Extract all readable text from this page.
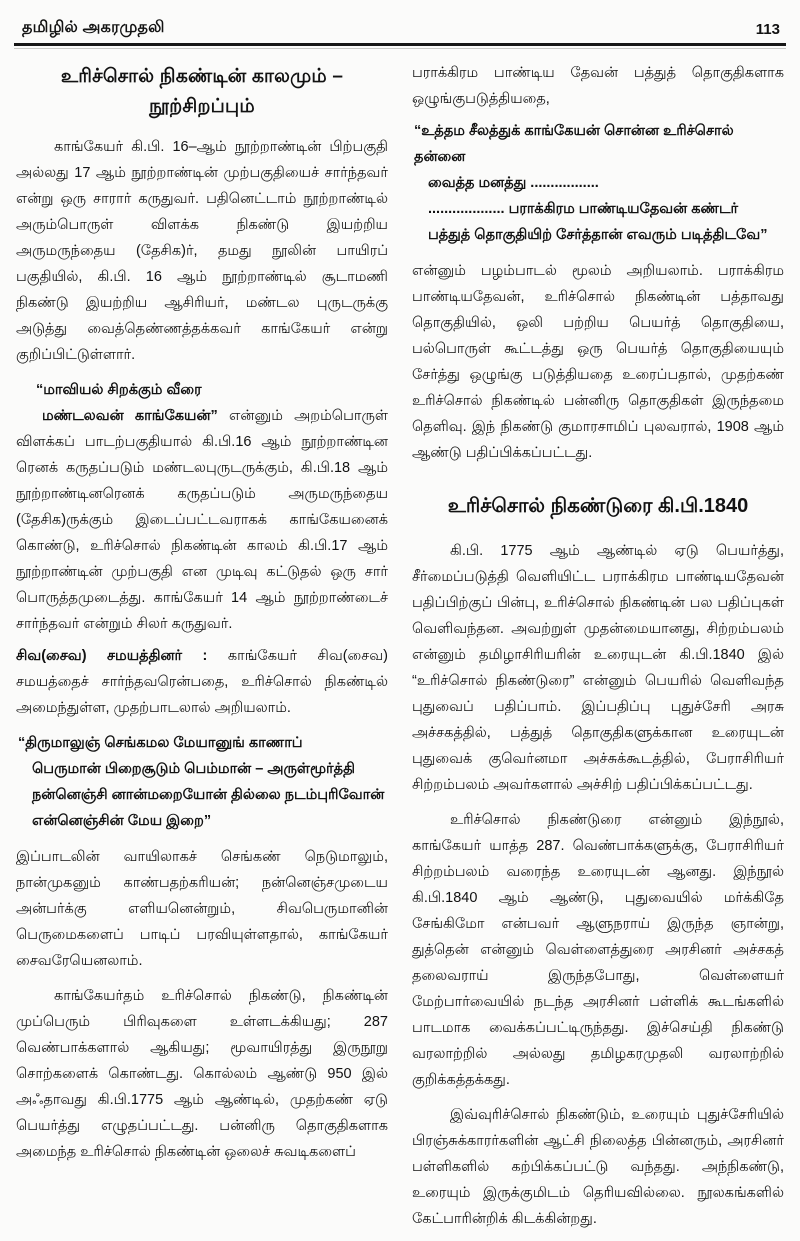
தமிழில் அகரமுதலி	113
உரிச்சொல் நிகண்டின் காலமும் –
நூற்சிறப்பும்

காங்கேயர் கி.பி. 16–ஆம் நூற்றாண்டின் பிற்பகுதி அல்லது 17 ஆம் நூற்றாண்டின் முற்பகுதியைச் சார்ந்தவர் என்று ஒரு சாரார் கருதுவர். பதினெட்டாம் நூற்றாண்டில் அரும்பொருள் விளக்க நிகண்டு இயற்றிய அருமருந்தைய (தேசிக)ர், தமது நூலின் பாயிரப் பகுதியில், கி.பி. 16 ஆம் நூற்றாண்டில் சூடாமணி நிகண்டு இயற்றிய ஆசிரியர், மண்டல புருடருக்கு அடுத்து வைத்தெண்ணத்தக்கவர் காங்கேயர் என்று குறிப்பிட்டுள்ளார்.

“மாவியல் சிறக்கும் வீரை
மண்டலவன் காங்கேயன்” என்னும் அறம்பொருள் விளக்கப் பாடற்பகுதியால் கி.பி.16 ஆம் நூற்றாண்டின ரெனக் கருதப்படும் மண்டலபுருடருக்கும், கி.பி.18 ஆம் நூற்றாண்டினரெனக் கருதப்படும் அருமருந்தைய (தேசிக)ருக்கும் இடைப்பட்டவராகக் காங்கேயனைக் கொண்டு, உரிச்சொல் நிகண்டின் காலம் கி.பி.17 ஆம் நூற்றாண்டின் முற்பகுதி என முடிவு கட்டுதல் ஒரு சார் பொருத்தமுடைத்து. காங்கேயர் 14 ஆம் நூற்றாண்டைச் சார்ந்தவர் என்றும் சிலர் கருதுவர்.

சிவ(சைவ) சமயத்தினர் : காங்கேயர் சிவ(சைவ) சமயத்தைச் சார்ந்தவரென்பதை, உரிச்சொல் நிகண்டில் அமைந்துள்ள, முதற்பாடலால் அறியலாம்.

“திருமாலுஞ் செங்கமல மேயானுங் காணாப்
பெருமான் பிறைசூடும் பெம்மான் – அருள்மூர்த்தி
நன்னெஞ்சி னான்மறையோன் தில்லை நடம்புரிவோன்
என்னெஞ்சின் மேய இறை”

இப்பாடலின் வாயிலாகச் செங்கண் நெடுமாலும், நான்முகனும் காண்பதற்கரியன்; நன்னெஞ்சமுடைய அன்பர்க்கு எளியனென்றும், சிவபெருமானின் பெருமைகளைப் பாடிப் பரவியுள்ளதால், காங்கேயர் சைவரேயெனலாம்.

காங்கேயர்தம் உரிச்சொல் நிகண்டு, நிகண்டின் முப்பெரும் பிரிவுகளை உள்ளடக்கியது; 287 வெண்பாக்களால் ஆகியது; மூவாயிரத்து இருநூறு சொற்களைக் கொண்டது. கொல்லம் ஆண்டு 950 இல் அஃதாவது கி.பி.1775 ஆம் ஆண்டில், முதற்கண் ஏடு பெயர்த்து எழுதப்பட்டது. பன்னிரு தொகுதிகளாக அமைந்த உரிச்சொல் நிகண்டின் ஒலைச் சுவடிகளைப்

பராக்கிரம பாண்டிய தேவன் பத்துத் தொகுதிகளாக ஒழுங்குபடுத்தியதை,

“உத்தம சீலத்துக் காங்கேயன் சொன்ன உரிச்சொல் தன்னை
வைத்த மனத்து .................
................... பராக்கிரம பாண்டியதேவன் கண்டர்
பத்துத் தொகுதியிற் சேர்த்தான் எவரும் படித்திடவே”

என்னும் பழம்பாடல் மூலம் அறியலாம். பராக்கிரம பாண்டியதேவன், உரிச்சொல் நிகண்டின் பத்தாவது தொகுதியில், ஒலி பற்றிய பெயர்த் தொகுதியை, பல்பொருள் கூட்டத்து ஒரு பெயர்த் தொகுதியையும் சேர்த்து ஒழுங்கு படுத்தியதை உரைப்பதால், முதற்கண் உரிச்சொல் நிகண்டில் பன்னிரு தொகுதிகள் இருந்தமை தெளிவு. இந் நிகண்டு குமாரசாமிப் புலவரால், 1908 ஆம் ஆண்டு பதிப்பிக்கப்பட்டது.

உரிச்சொல் நிகண்டுரை கி.பி.1840

கி.பி. 1775 ஆம் ஆண்டில் ஏடு பெயர்த்து, சீர்மைப்படுத்தி வெளியிட்ட பராக்கிரம பாண்டியதேவன் பதிப்பிற்குப் பின்பு, உரிச்சொல் நிகண்டின் பல பதிப்புகள் வெளிவந்தன. அவற்றுள் முதன்மையானது, சிற்றம்பலம் என்னும் தமிழாசிரியரின் உரையுடன் கி.பி.1840 இல் “உரிச்சொல் நிகண்டுரை” என்னும் பெயரில் வெளிவந்த புதுவைப் பதிப்பாம். இப்பதிப்பு புதுச்சேரி அரசு அச்சகத்தில், பத்துத் தொகுதிகளுக்கான உரையுடன் புதுவைக் குவெர்னமா அச்சுக்கூடத்தில், பேராசிரியர் சிற்றம்பலம் அவர்களால் அச்சிற் பதிப்பிக்கப்பட்டது.

உரிச்சொல் நிகண்டுரை என்னும் இந்நூல், காங்கேயர் யாத்த 287. வெண்பாக்களுக்கு, பேராசிரியர் சிற்றம்பலம் வரைந்த உரையுடன் ஆனது. இந்நூல் கி.பி.1840 ஆம் ஆண்டு, புதுவையில் மர்க்கிதே சேங்கிமோ என்பவர் ஆளுநராய் இருந்த ஞான்று, துத்தென் என்னும் வெள்ளைத்துரை அரசினர் அச்சகத் தலைவராய் இருந்தபோது, வெள்ளையர் மேற்பார்வையில் நடந்த அரசினர் பள்ளிக் கூடங்களில் பாடமாக வைக்கப்பட்டிருந்தது. இச்செய்தி நிகண்டு வரலாற்றில் அல்லது தமிழகரமுதலி வரலாற்றில் குறிக்கத்தக்கது.

இவ்வுரிச்சொல் நிகண்டும், உரையும் புதுச்சேரியில் பிரஞ்சுக்காரர்களின் ஆட்சி நிலைத்த பின்னரும், அரசினர் பள்ளிகளில் கற்பிக்கப்பட்டு வந்தது. அந்நிகண்டு, உரையும் இருக்குமிடம் தெரியவில்லை. நூலகங்களில் கேட்பாரின்றிக் கிடக்கின்றது.
